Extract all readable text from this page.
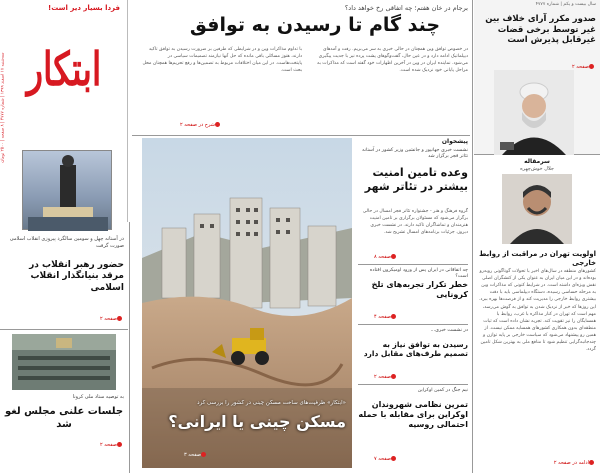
فردا بسیار دیر است!
ابتکار
سه‌شنبه ۱۸ اسفند ۱۳۹۹ | شماره ۴۷۷۷ | ۸ صفحه | ۲۵۰۰ تومان
سال بیست و یکم | شماره ۴۷۷۷
صدور مکرر آرای خلاف بین غیر توسط برخی قضات غیرقابل پذیرش است
صفحه ۲
برجام در خان هفتم؛ چه اتفاقی رخ خواهد داد؟
چند گام تا رسیدن به توافق
در خصوص توافق وین همچنان در حالی خبری به سر می‌بریم. رفت و آمدهای دیپلماتیک ادامه دارد و در عین حال، گفت‌وگوهای پشت پرده نیز با جدیت پیگیری می‌شود. نماینده ایران در وین در آخرین اظهارات خود گفته است که مذاکرات به مراحل پایانی خود نزدیک شده است.
با تداوم مذاکرات وین و در شرایطی که طرفین بر ضرورت رسیدن به توافق تاکید دارند، هنوز مسائلی باقی مانده که حل آنها نیازمند تصمیمات سیاسی در پایتخت‌هاست. در این میان اختلافات مربوط به تضمین‌ها و رفع تحریم‌ها همچنان محل بحث است.
شرح در صفحه ۲
در آستانه چهل و سومین سالگرد پیروزی انقلاب اسلامی صورت گرفت
حضور رهبر انقلاب در مرقد بنیانگذار انقلاب اسلامی
صفحه ۲
به توصیه ستاد ملی کرونا
جلسات علنی مجلس لغو شد
صفحه ۲
«ابتکار» ظرفیت‌های ساخت مسکن چینی در کشور را بررسی کرد
مسکن چینی یا ایرانی؟
صفحه ۳
پیشخوان
نشست خبری جهانپور و جانشین وزیر کشور در آستانه تئاتر فجر برگزار شد
وعده تامین امنیت بیشتر در تئاتر شهر
گروه فرهنگ و هنر - جشنواره تئاتر فجر امسال در حالی برگزار می‌شود که مسئولان برگزاری بر تامین امنیت هنرمندان و تماشاگران تاکید دارند. در نشست خبری دیروز، جزئیات برنامه‌های امسال تشریح شد.
صفحه ۸
چه اتفاقاتی در ایران پس از ورود اومیکرون افتاده است؟
خطر تکرار تجربه‌های تلخ کرونایی
صفحه ۴
در نشست خبری...
رسیدن به توافق نیاز به تصمیم طرف‌های مقابل دارد
صفحه ۲
نیم جنگ در کمین اوکراین
تمرین نظامی شهروندان اوکراین برای مقابله با حمله احتمالی روسیه
صفحه ۷
سرمقاله
جلال خوش‌چهره
اولویت تهران در مراقبت از روابط خارجی
کشورهای منطقه در سال‌های اخیر با تحولات گوناگونی روبه‌رو بوده‌اند و در این میان ایران به عنوان یکی از کنشگران اصلی نقش ویژه‌ای داشته است. در شرایط کنونی که مذاکرات وین به مرحله حساسی رسیده، دستگاه دیپلماسی باید با دقت بیشتری روابط خارجی را مدیریت کند و از فرصت‌ها بهره ببرد. این روزها که خبر از نزدیک شدن به توافق به گوش می‌رسد، مهم است که تهران در کنار مذاکره با غرب، روابط با همسایگان را نیز تقویت کند. تجربه نشان داده است که ثبات منطقه‌ای بدون همکاری کشورهای همسایه ممکن نیست. از همین رو پیشنهاد می‌شود که سیاست خارجی بر پایه توازن و چندجانبه‌گرایی تنظیم شود تا منافع ملی به بهترین شکل تامین گردد.
ادامه در صفحه ۲
